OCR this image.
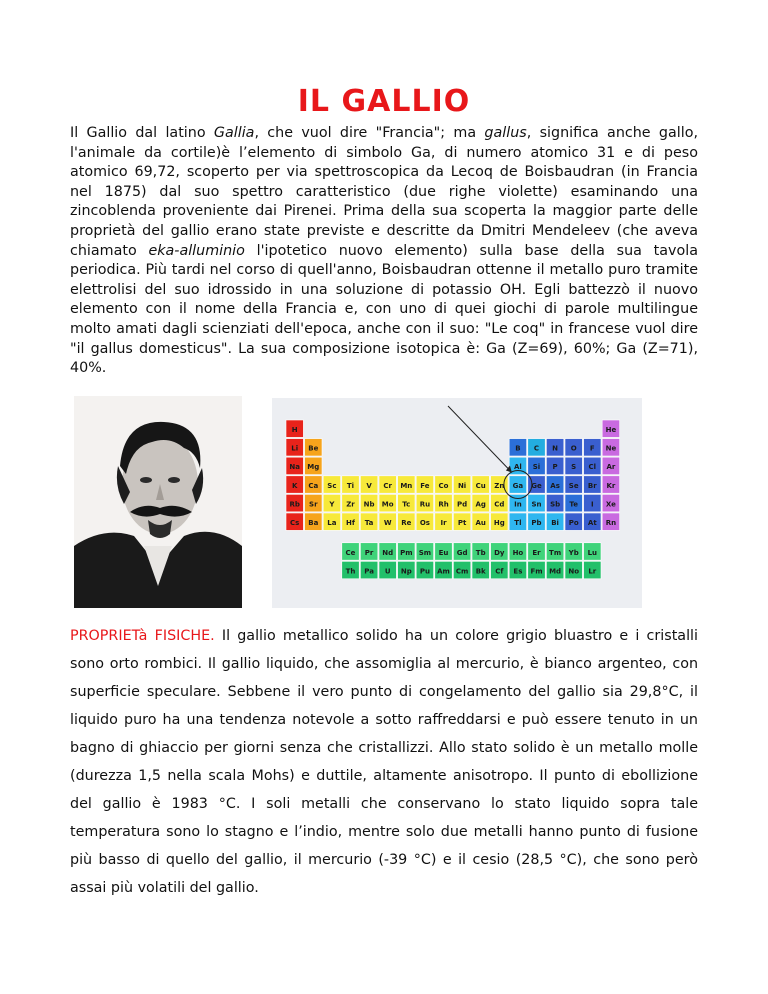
IL GALLIO

Il Gallio dal latino Gallia, che vuol dire "Francia"; ma gallus, significa anche gallo, l'animale da cortile)è l’elemento di simbolo Ga, di numero atomico 31 e di peso atomico 69,72, scoperto per via spettroscopica da Lecoq de Boisbaudran (in Francia nel 1875) dal suo spettro caratteristico (due righe violette) esaminando una zincoblenda proveniente dai Pirenei. Prima della sua scoperta la maggior parte delle proprietà del gallio erano state previste e descritte da Dmitri Mendeleev (che aveva chiamato eka-alluminio l'ipotetico nuovo elemento) sulla base della sua tavola periodica. Più tardi nel corso di quell'anno, Boisbaudran ottenne il metallo puro tramite elettrolisi del suo idrossido in una soluzione di potassio OH. Egli battezzò il nuovo elemento con il nome della Francia e, con uno di quei giochi di parole multilingue molto amati dagli scienziati dell'epoca, anche con il suo: "Le coq" in francese vuol dire "il gallus domesticus". La sua composizione isotopica è: Ga (Z=69), 60%; Ga (Z=71), 40%.

H	He
Li Be	B C N O F Ne
Na Mg	Al Si P S Cl Ar
K Ca Sc Ti V Cr Mn Fe Co Ni Cu Zn Ga Ge As Se Br Kr
Rb Sr Y Zr Nb Mo Tc Ru Rh Pd Ag Cd In Sn Sb Te I Xe
Cs Ba La Hf Ta W Re Os Ir Pt Au Hg Tl Pb Bi Po At Rn
Ce Pr Nd Pm Sm Eu Gd Tb Dy Ho Er Tm Yb Lu
Th Pa U Np Pu Am Cm Bk Cf Es Fm Md No Lr

PROPRIETà FISICHE. Il gallio metallico solido ha un colore grigio bluastro e i cristalli sono orto rombici. Il gallio liquido, che assomiglia al mercurio, è bianco argenteo, con superficie speculare. Sebbene il vero punto di congelamento del gallio sia 29,8°C, il liquido puro ha una tendenza notevole a sotto raffreddarsi e può essere tenuto in un bagno di ghiaccio per giorni senza che cristallizzi. Allo stato solido è un metallo molle (durezza 1,5 nella scala Mohs) e duttile, altamente anisotropo. Il punto di ebollizione del gallio è 1983 °C. I soli metalli che conservano lo stato liquido sopra tale temperatura sono lo stagno e l’indio, mentre solo due metalli hanno punto di fusione più basso di quello del gallio, il mercurio (-39 °C) e il cesio (28,5 °C), che sono però assai più volatili del gallio.
